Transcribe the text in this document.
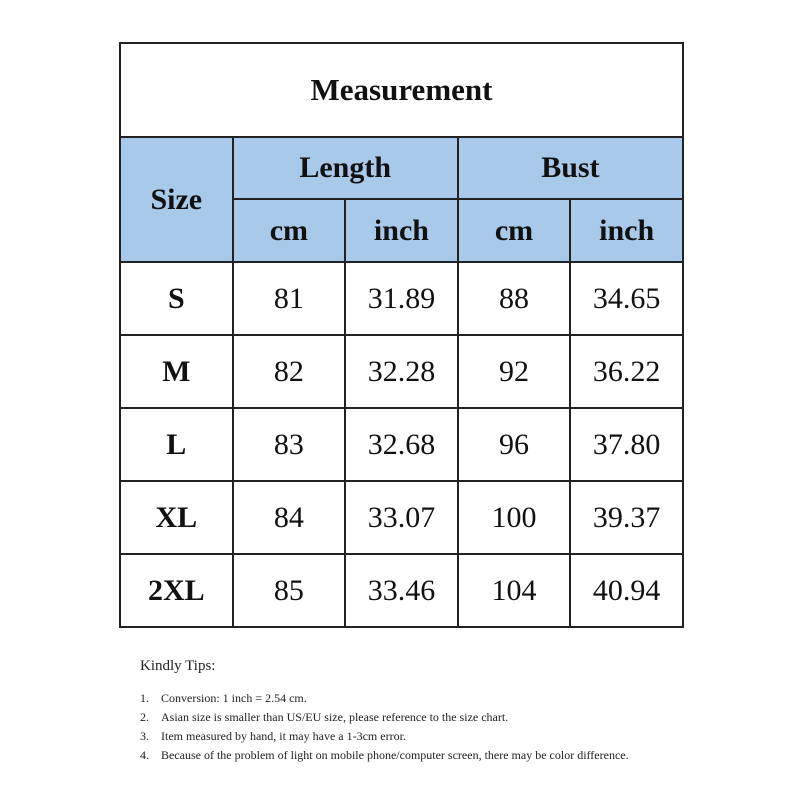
Measurement				
Size	Length		Bust	
	cm	inch	cm	inch
S	81	31.89	88	34.65
M	82	32.28	92	36.22
L	83	32.68	96	37.80
XL	84	33.07	100	39.37
2XL	85	33.46	104	40.94
Kindly Tips:
1.	Conversion: 1 inch = 2.54 cm.
2.	Asian size is smaller than US/EU size, please reference to the size chart.
3.	Item measured by hand, it may have a 1-3cm error.
4.	Because of the problem of light on mobile phone/computer screen, there may be color difference.
